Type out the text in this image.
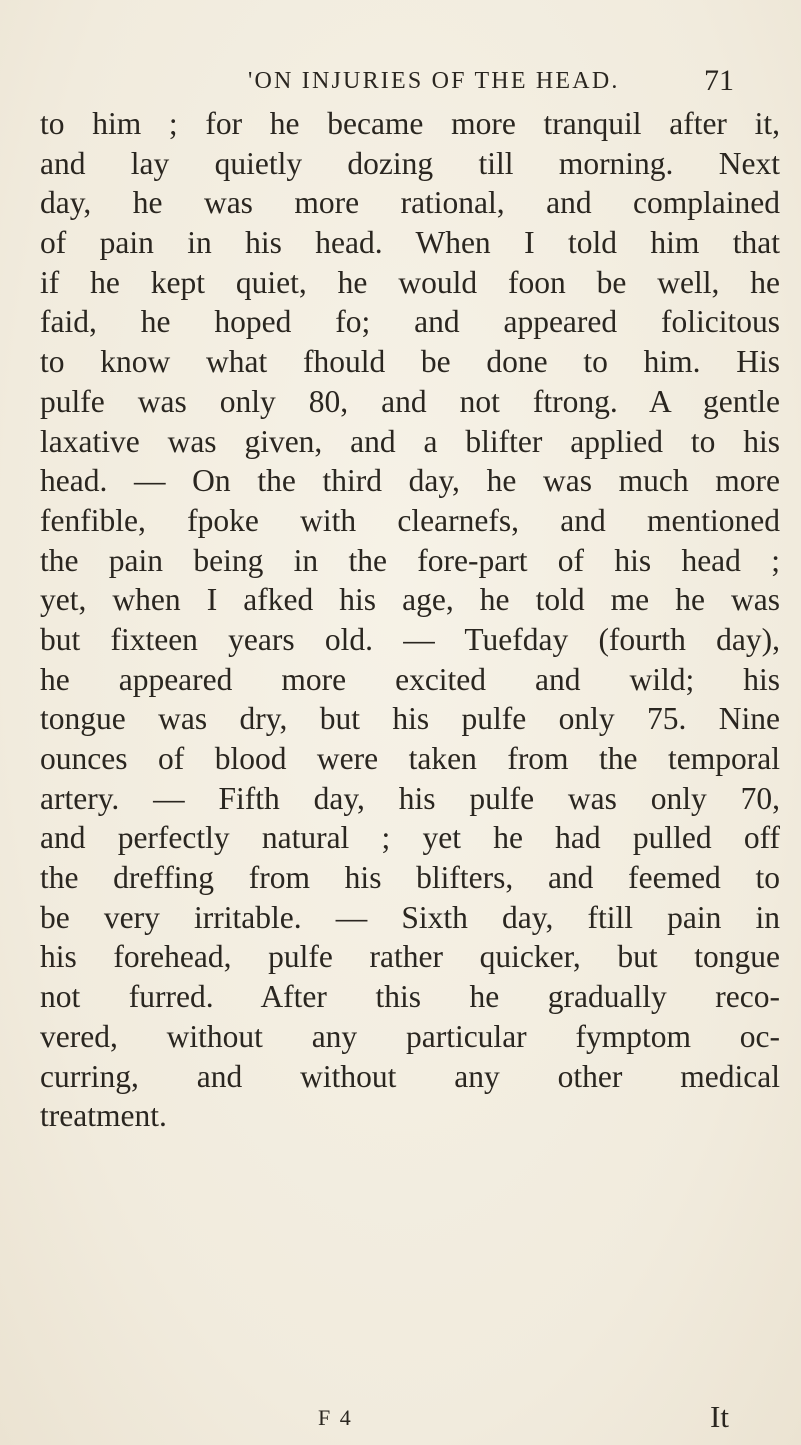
'ON INJURIES OF THE HEAD.	71
to him ; for he became more tranquil after it,
and lay quietly dozing till morning. Next
day, he was more rational, and complained
of pain in his head. When I told him that
if he kept quiet, he would foon be well, he
faid, he hoped fo; and appeared folicitous
to know what fhould be done to him. His
pulfe was only 80, and not ftrong. A gentle
laxative was given, and a blifter applied to his
head. — On the third day, he was much more
fenfible, fpoke with clearnefs, and mentioned
the pain being in the fore-part of his head ;
yet, when I afked his age, he told me he was
but fixteen years old. — Tuefday (fourth day),
he appeared more excited and wild; his
tongue was dry, but his pulfe only 75. Nine
ounces of blood were taken from the temporal
artery. — Fifth day, his pulfe was only 70,
and perfectly natural ; yet he had pulled off
the dreffing from his blifters, and feemed to
be very irritable. — Sixth day, ftill pain in
his forehead, pulfe rather quicker, but tongue
not furred. After this he gradually reco-
vered, without any particular fymptom oc-
curring, and without any other medical
treatment.
F 4	It
